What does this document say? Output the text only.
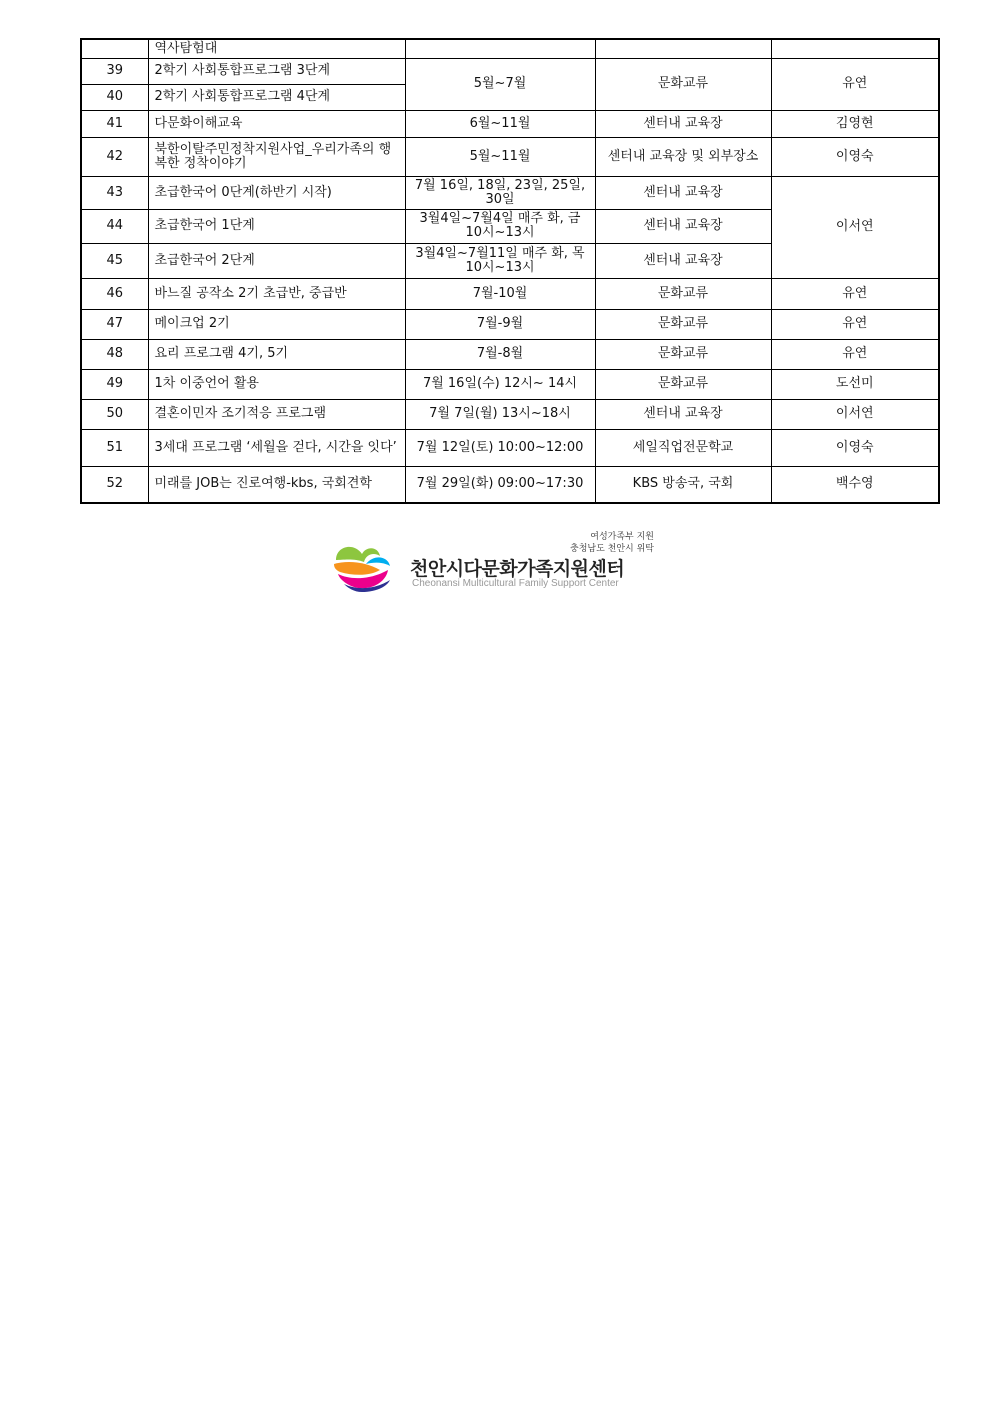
	역사탐험대			
39	2학기 사회통합프로그램 3단계	5월~7월	문화교류	유연
40	2학기 사회통합프로그램 4단계			
41	다문화이해교육	6월~11월	센터내 교육장	김영현
42	북한이탈주민정착지원사업_우리가족의 행복한 정착이야기	5월~11월	센터내 교육장 및 외부장소	이영숙
43	초급한국어 0단계(하반기 시작)	7월 16일, 18일, 23일, 25일, 30일	센터내 교육장	이서연
44	초급한국어 1단계	3월4일~7월4일 매주 화, 금 10시~13시	센터내 교육장	
45	초급한국어 2단계	3월4일~7월11일 매주 화, 목 10시~13시	센터내 교육장	
46	바느질 공작소 2기 초급반, 중급반	7월-10월	문화교류	유연
47	메이크업 2기	7월-9월	문화교류	유연
48	요리 프로그램 4기, 5기	7월-8월	문화교류	유연
49	1차 이중언어 활용	7월 16일(수) 12시~ 14시	문화교류	도선미
50	결혼이민자 조기적응 프로그램	7월 7일(월) 13시~18시	센터내 교육장	이서연
51	3세대 프로그램 ‘세월을 걷다, 시간을 잇다’	7월 12일(토) 10:00~12:00	세일직업전문학교	이영숙
52	미래를 JOB는 진로여행-kbs, 국회견학	7월 29일(화) 09:00~17:30	KBS 방송국, 국회	백수영
여성가족부 지원
충청남도 천안시 위탁
천안시다문화가족지원센터
Cheonansi Multicultural Family Support Center
